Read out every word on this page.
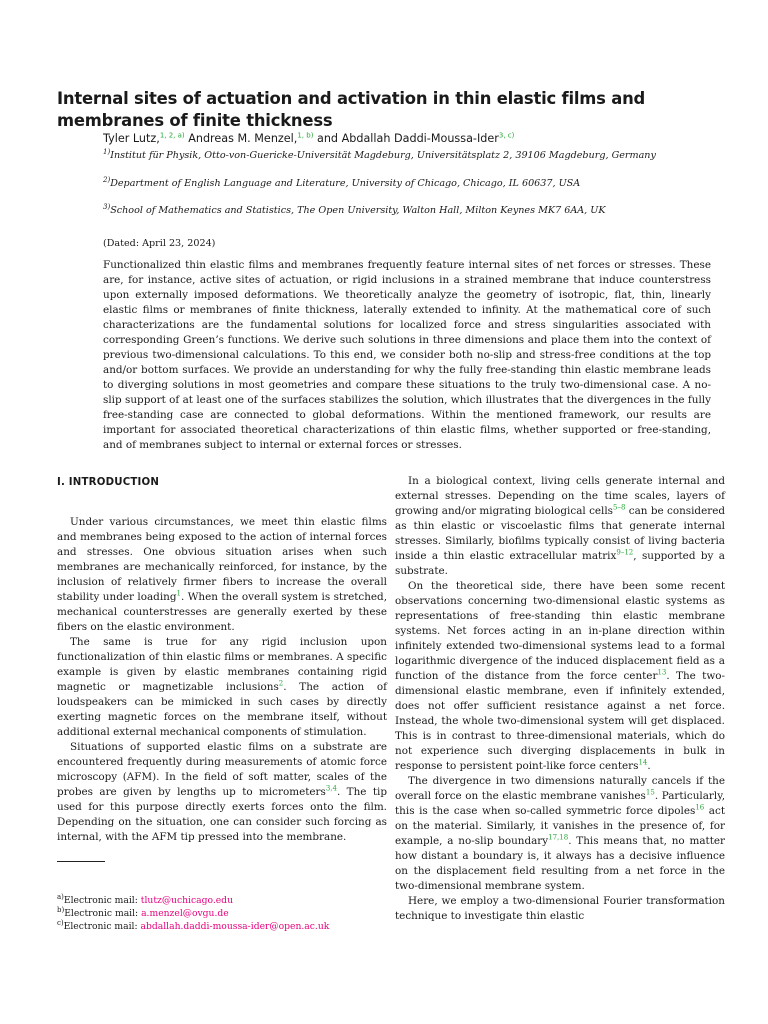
Internal sites of actuation and activation in thin elastic films and membranes of finite thickness
Tyler Lutz,$^{1, 2, a)}$ Andreas M. Menzel,$^{1, b)}$ and Abdallah Daddi-Moussa-Ider$^{3, c)}$
$^{1)}$Institut für Physik, Otto-von-Guericke-Universität Magdeburg, Universitätsplatz 2, 39106 Magdeburg, Germany
$^{2)}$Department of English Language and Literature, University of Chicago, Chicago, IL 60637, USA
$^{3)}$School of Mathematics and Statistics, The Open University, Walton Hall, Milton Keynes MK7 6AA, UK
(Dated: April 23, 2024)
Functionalized thin elastic films and membranes frequently feature internal sites of net forces or stresses. These are, for instance, active sites of actuation, or rigid inclusions in a strained membrane that induce counterstress upon externally imposed deformations. We theoretically analyze the geometry of isotropic, flat, thin, linearly elastic films or membranes of finite thickness, laterally extended to infinity. At the mathematical core of such characterizations are the fundamental solutions for localized force and stress singularities associated with corresponding Green’s functions. We derive such solutions in three dimensions and place them into the context of previous two-dimensional calculations. To this end, we consider both no-slip and stress-free conditions at the top and/or bottom surfaces. We provide an understanding for why the fully free-standing thin elastic membrane leads to diverging solutions in most geometries and compare these situations to the truly two-dimensional case. A no-slip support of at least one of the surfaces stabilizes the solution, which illustrates that the divergences in the fully free-standing case are connected to global deformations. Within the mentioned framework, our results are important for associated theoretical characterizations of thin elastic films, whether supported or free-standing, and of membranes subject to internal or external forces or stresses.
I. INTRODUCTION

Under various circumstances, we meet thin elastic films and membranes being exposed to the action of internal forces and stresses. One obvious situation arises when such membranes are mechanically reinforced, for instance, by the inclusion of relatively firmer fibers to increase the overall stability under loading$^1$. When the overall system is stretched, mechanical counterstresses are generally exerted by these fibers on the elastic environment.

The same is true for any rigid inclusion upon functionalization of thin elastic films or membranes. A specific example is given by elastic membranes containing rigid magnetic or magnetizable inclusions$^2$. The action of loudspeakers can be mimicked in such cases by directly exerting magnetic forces on the membrane itself, without additional external mechanical components of stimulation.

Situations of supported elastic films on a substrate are encountered frequently during measurements of atomic force microscopy (AFM). In the field of soft matter, scales of the probes are given by lengths up to micrometers$^{3,4}$. The tip used for this purpose directly exerts forces onto the film. Depending on the situation, one can consider such forcing as internal, with the AFM tip pressed into the membrane.

$^{a)}$Electronic mail: tlutz@uchicago.edu
$^{b)}$Electronic mail: a.menzel@ovgu.de
$^{c)}$Electronic mail: abdallah.daddi-moussa-ider@open.ac.uk

In a biological context, living cells generate internal and external stresses. Depending on the time scales, layers of growing and/or migrating biological cells$^{5-8}$ can be considered as thin elastic or viscoelastic films that generate internal stresses. Similarly, biofilms typically consist of living bacteria inside a thin elastic extracellular matrix$^{9-12}$, supported by a substrate.

On the theoretical side, there have been some recent observations concerning two-dimensional elastic systems as representations of free-standing thin elastic membrane systems. Net forces acting in an in-plane direction within infinitely extended two-dimensional systems lead to a formal logarithmic divergence of the induced displacement field as a function of the distance from the force center$^{13}$. The two-dimensional elastic membrane, even if infinitely extended, does not offer sufficient resistance against a net force. Instead, the whole two-dimensional system will get displaced. This is in contrast to three-dimensional materials, which do not experience such diverging displacements in bulk in response to persistent point-like force centers$^{14}$.

The divergence in two dimensions naturally cancels if the overall force on the elastic membrane vanishes$^{15}$. Particularly, this is the case when so-called symmetric force dipoles$^{16}$ act on the material. Similarly, it vanishes in the presence of, for example, a no-slip boundary$^{17,18}$. This means that, no matter how distant a boundary is, it always has a decisive influence on the displacement field resulting from a net force in the two-dimensional membrane system.

Here, we employ a two-dimensional Fourier transformation technique to investigate thin elastic
